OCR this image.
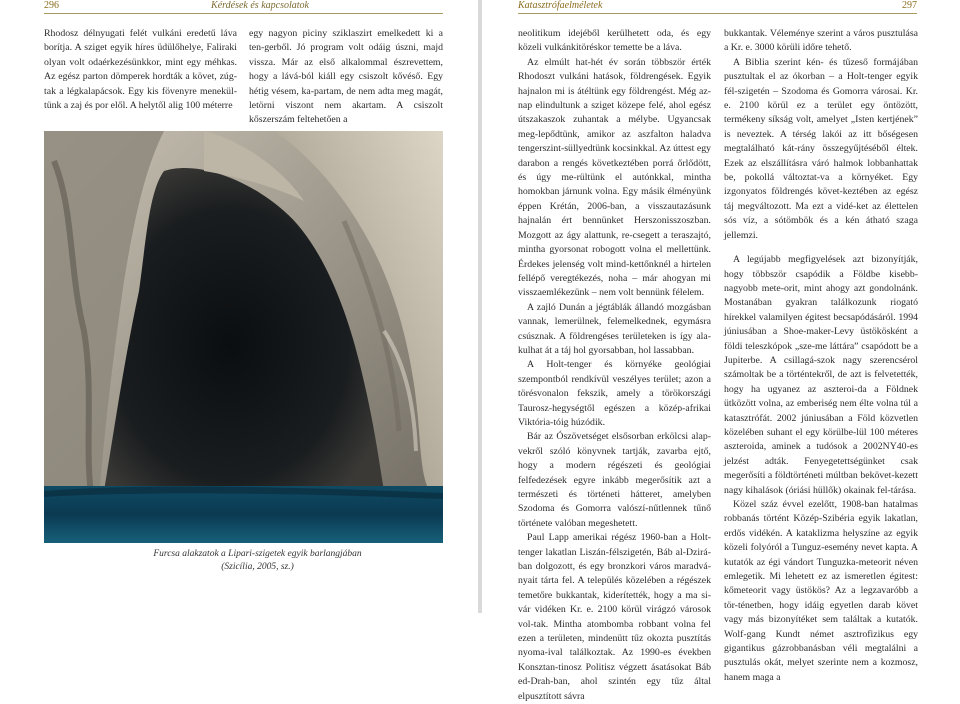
296	Kérdések és kapcsolatok

Rhodosz délnyugati felét vulkáni eredetű láva borítja. A sziget egyik híres üdülőhelye, Faliraki olyan volt odaérkezésünkkor, mint egy méhkas. Az egész parton dömperek hordták a követ, zúg-tak a légkalapácsok. Egy kis fövenyre menekül-tünk a zaj és por elől. A helytől alig 100 méterre

egy nagyon piciny sziklaszirt emelkedett ki a ten-gerből. Jó program volt odáig úszni, majd vissza. Már az első alkalommal észrevettem, hogy a lává-ból kiáll egy csiszolt kővéső. Egy hétig vésem, ka-partam, de nem adta meg magát, letörni viszont nem akartam. A csiszolt kőszerszám feltehetően a

Furcsa alakzatok a Lipari-szigetek egyik barlangjában
(Szicília, 2005, sz.)
Katasztrófaelméletek	297

neolitikum idejéből kerülhetett oda, és egy közeli vulkánkitöréskor temette be a láva.

Az elmúlt hat-hét év során többször érték Rhodoszt vulkáni hatások, földrengések. Egyik hajnalon mi is átéltünk egy földrengést. Még az-nap elindultunk a sziget közepe felé, ahol egész útszakaszok zuhantak a mélybe. Ugyancsak meg-lepődtünk, amikor az aszfalton haladva tengerszint-süllyedtünk kocsinkkal. Az úttest egy darabon a rengés következtében porrá őrlődött, és úgy me-rültünk el autónkkal, mintha homokban járnunk volna. Egy másik élményünk éppen Krétán, 2006-ban, a visszautazásunk hajnalán ért bennünket Herszonisszoszban. Mozgott az ágy alattunk, re-csegett a teraszajtó, mintha gyorsonat robogott volna el mellettünk. Érdekes jelenség volt mind-kettőnknél a hirtelen fellépő veregtékezés, noha – már ahogyan mi visszaemlékezünk – nem volt bennünk félelem.

A zajló Dunán a jégtáblák állandó mozgásban vannak, lemerülnek, felemelkednek, egymásra csúsznak. A földrengéses területeken is így ala-kulhat át a táj hol gyorsabban, hol lassabban.

A Holt-tenger és környéke geológiai szempontból rendkívül veszélyes terület; azon a törésvonalon fekszik, amely a törökországi Taurosz-hegységtől egészen a közép-afrikai Viktória-tóig húzódik.

Bár az Ószövetséget elsősorban erkölcsi alap-vekről szóló könyvnek tartják, zavarba ejtő, hogy a modern régészeti és geológiai felfedezések egyre inkább megerősítik azt a természeti és történeti hátteret, amelyben Szodoma és Gomorra valószí-nűtlennek tűnő története valóban megeshetett.

Paul Lapp amerikai régész 1960-ban a Holt-tenger lakatlan Liszán-félszigetén, Báb al-Dzirá-ban dolgozott, és egy bronzkori város maradvá-nyait tárta fel. A település közelében a régészek temetőre bukkantak, kiderítették, hogy a ma si-vár vidéken Kr. e. 2100 körül virágzó városok vol-tak. Mintha atombomba robbant volna fel ezen a területen, mindenütt tűz okozta pusztítás nyoma-ival találkoztak. Az 1990-es években Konsztan-tinosz Politisz végzett ásatásokat Báb ed-Drah-ban, ahol szintén egy tűz által elpusztított sávra

bukkantak. Véleménye szerint a város pusztulása a Kr. e. 3000 körüli időre tehető.

A Biblia szerint kén- és tűzeső formájában pusztultak el az ókorban – a Holt-tenger egyik fél-szigetén – Szodoma és Gomorra városai. Kr. e. 2100 körül ez a terület egy öntözött, termékeny síkság volt, amelyet „Isten kertjének” is neveztek. A térség lakói az itt bőségesen megtalálható kát-rány összegyűjtéséből éltek. Ezek az elszállításra váró halmok lobbanhattak be, pokollá változtat-va a környéket. Egy izgonyatos földrengés követ-keztében az egész táj megváltozott. Ma ezt a vidé-ket az élettelen sós víz, a sótömbök és a kén átható szaga jellemzi.

A legújabb megfigyelések azt bizonyítják, hogy többször csapódik a Földbe kisebb-nagyobb mete-orit, mint ahogy azt gondolnánk. Mostanában gyakran találkozunk riogató hírekkel valamilyen égitest becsapódásáról. 1994 júniusában a Shoe-maker-Levy üstökösként a földi teleszkópok „sze-me láttára” csapódott be a Jupiterbe. A csillagá-szok nagy szerencsérol számoltak be a történtekről, de azt is felvetették, hogy ha ugyanez az aszteroi-da a Földnek ütközött volna, az emberiség nem élte volna túl a katasztrófát. 2002 júniusában a Föld közvetlen közelében suhant el egy körülbe-lül 100 méteres aszteroida, aminek a tudósok a 2002NY40-es jelzést adták. Fenyegetettségünket csak megerősíti a földtörténeti múltban bekövet-kezett nagy kihalások (óriási hüllők) okainak fel-tárása.

Közel száz évvel ezelőtt, 1908-ban hatalmas robbanás történt Közép-Szibéria egyik lakatlan, erdős vidékén. A kataklizma helyszíne az egyik közeli folyóról a Tunguz-esemény nevet kapta. A kutatók az égi vándort Tunguzka-meteorit néven emlegetik. Mi lehetett ez az ismeretlen égitest: kőmeteorit vagy üstökös? Az a legzavaróbb a tör-ténetben, hogy idáig egyetlen darab követ vagy más bizonyítéket sem találtak a kutatók. Wolf-gang Kundt német asztrofizikus egy gigantikus gázrobbanásban véli megtalálni a pusztulás okát, melyet szerinte nem a kozmosz, hanem maga a
